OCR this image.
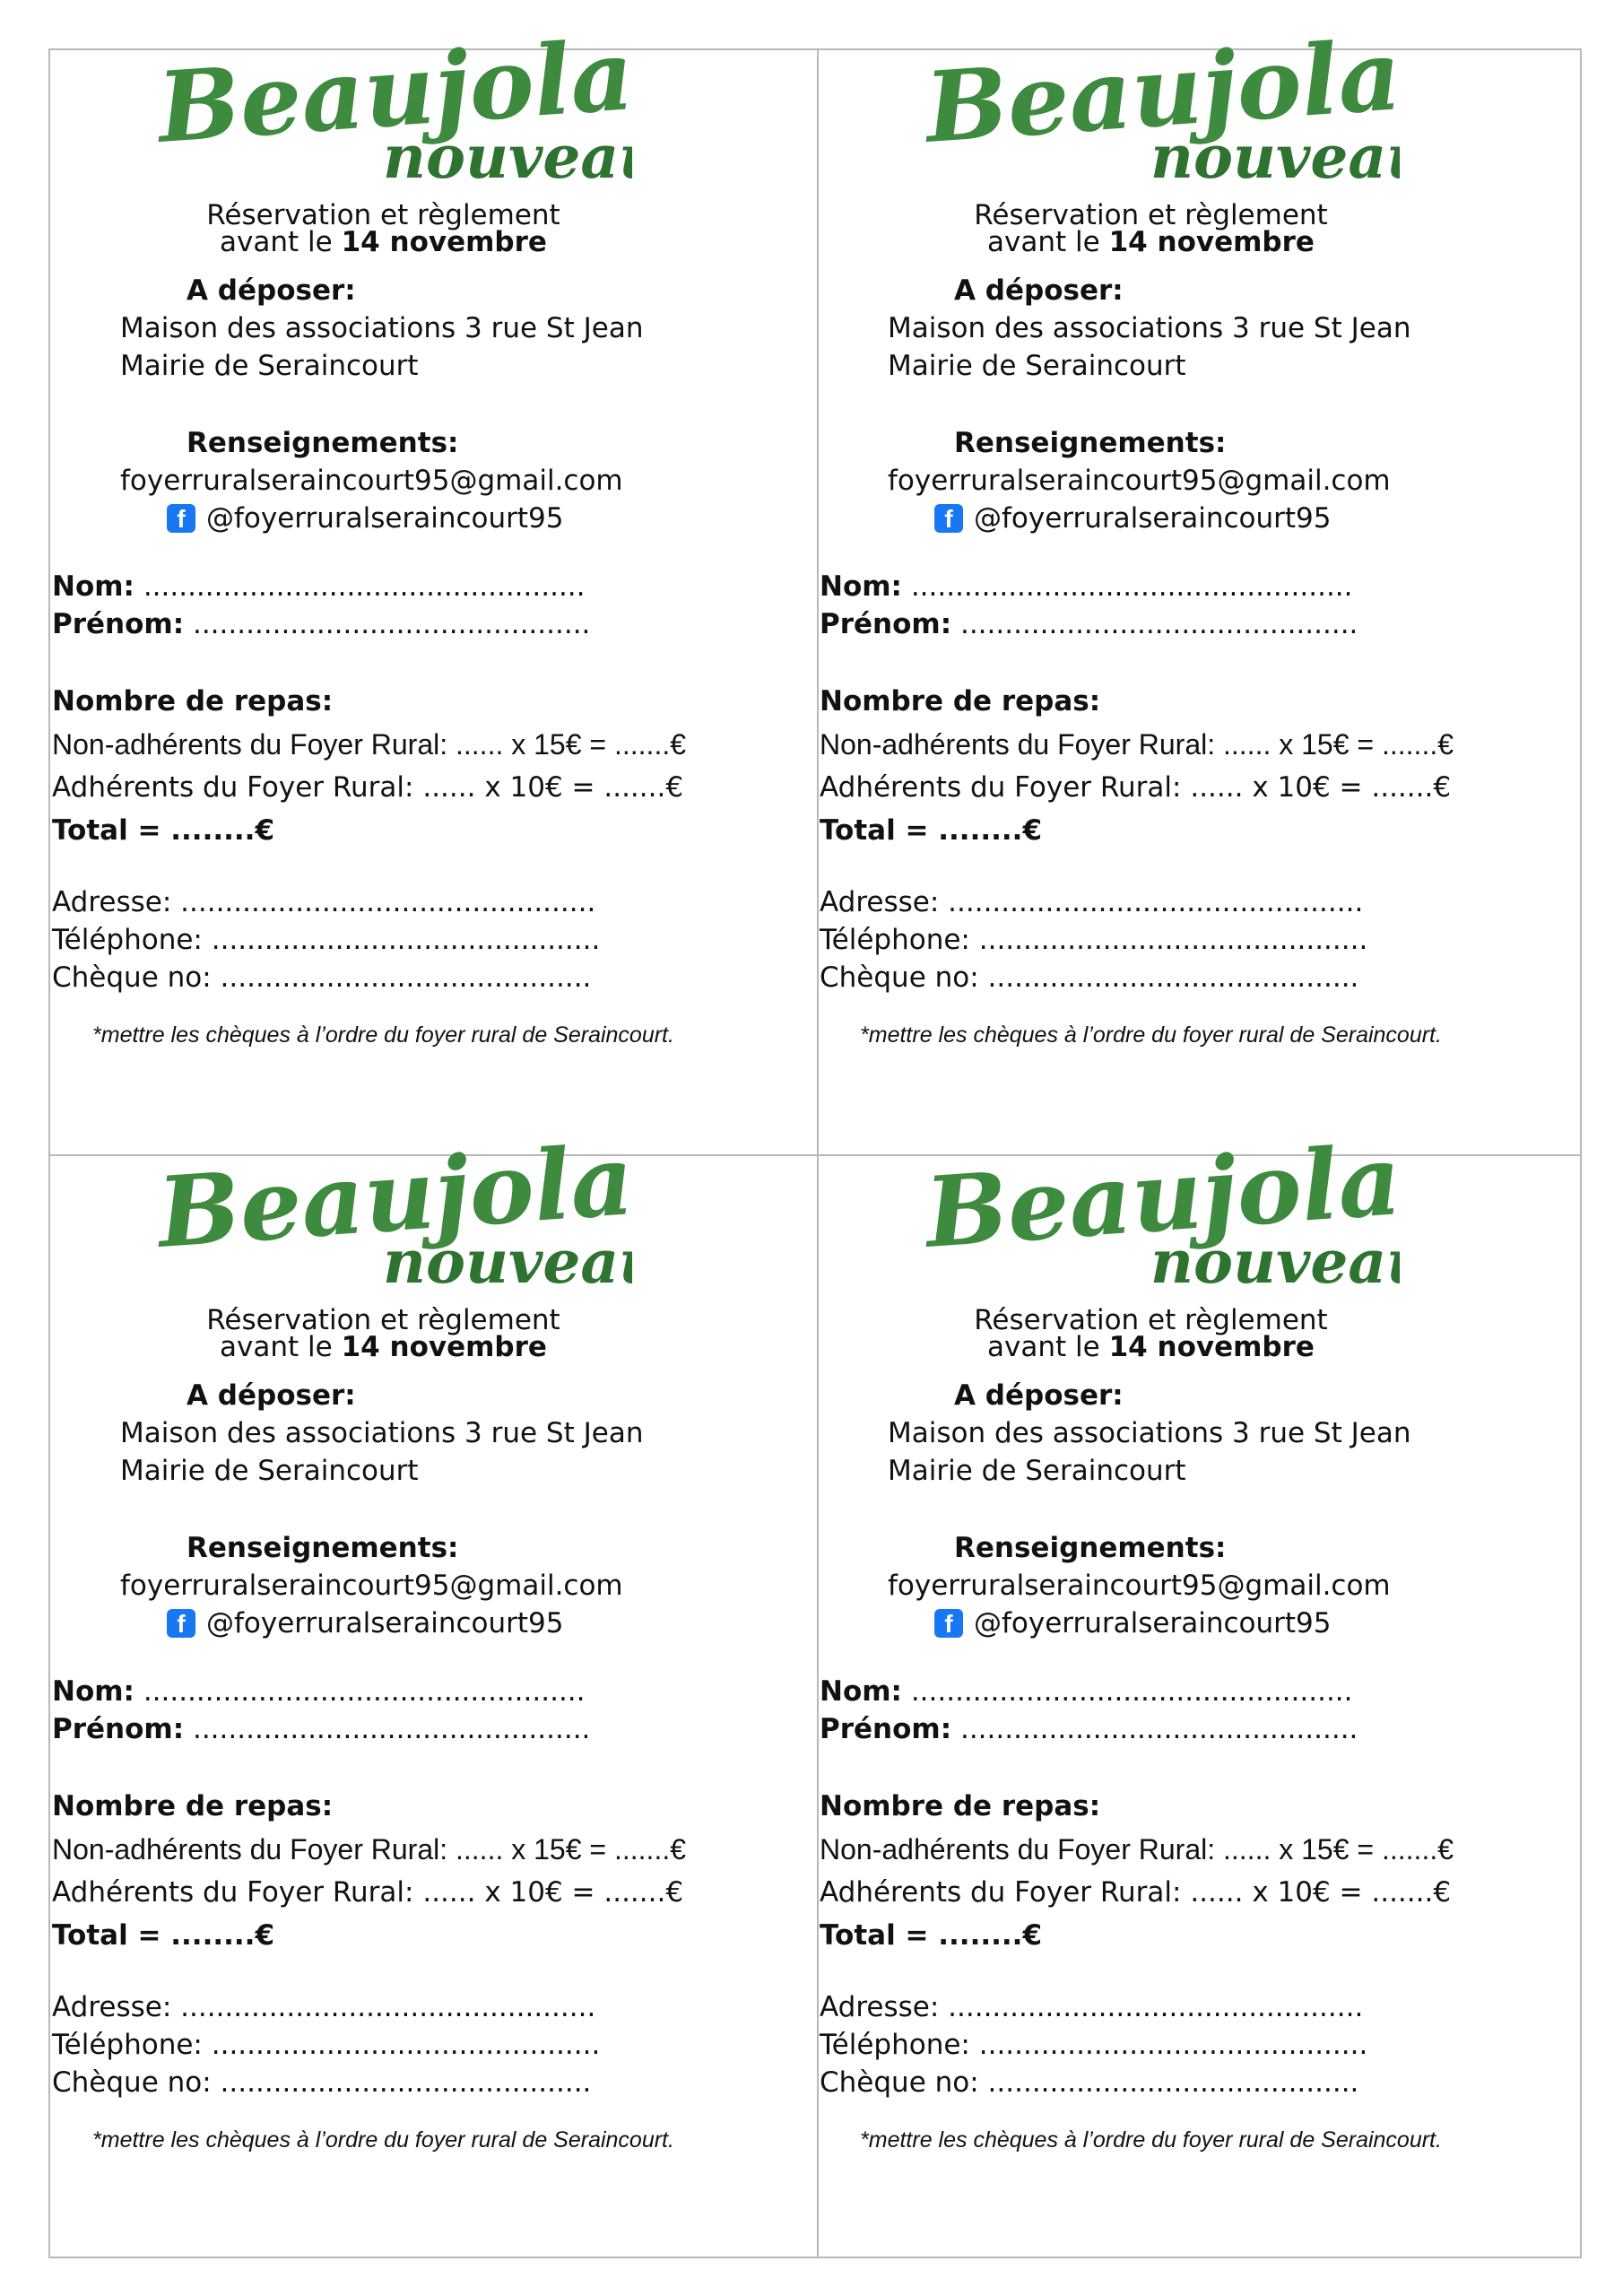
Beaujolais
nouvea
Réservation et règlement
avant le 14 novembre
A déposer:
Maison des associations 3 rue St Jean
Mairie de Seraincourt
Renseignements:
foyerruralseraincourt95@gmail.com
f @foyerruralseraincourt95
Nom: ..................................................
Prénom: .............................................
Nombre de repas:
Non-adhérents du Foyer Rural: ...... x 15€ = .......€
Adhérents du Foyer Rural: ...... x 10€ = .......€
Total = ........€
Adresse: ...............................................
Téléphone: ............................................
Chèque no: ..........................................
*mettre les chèques à l’ordre du foyer rural de Seraincourt.
Beaujolais
nouvea
Réservation et règlement
avant le 14 novembre
A déposer:
Maison des associations 3 rue St Jean
Mairie de Seraincourt
Renseignements:
foyerruralseraincourt95@gmail.com
f @foyerruralseraincourt95
Nom: ..................................................
Prénom: .............................................
Nombre de repas:
Non-adhérents du Foyer Rural: ...... x 15€ = .......€
Adhérents du Foyer Rural: ...... x 10€ = .......€
Total = ........€
Adresse: ...............................................
Téléphone: ............................................
Chèque no: ..........................................
*mettre les chèques à l’ordre du foyer rural de Seraincourt.
Beaujolais
nouvea
Réservation et règlement
avant le 14 novembre
A déposer:
Maison des associations 3 rue St Jean
Mairie de Seraincourt
Renseignements:
foyerruralseraincourt95@gmail.com
f @foyerruralseraincourt95
Nom: ..................................................
Prénom: .............................................
Nombre de repas:
Non-adhérents du Foyer Rural: ...... x 15€ = .......€
Adhérents du Foyer Rural: ...... x 10€ = .......€
Total = ........€
Adresse: ...............................................
Téléphone: ............................................
Chèque no: ..........................................
*mettre les chèques à l’ordre du foyer rural de Seraincourt.
Beaujolais
nouvea
Réservation et règlement
avant le 14 novembre
A déposer:
Maison des associations 3 rue St Jean
Mairie de Seraincourt
Renseignements:
foyerruralseraincourt95@gmail.com
f @foyerruralseraincourt95
Nom: ..................................................
Prénom: .............................................
Nombre de repas:
Non-adhérents du Foyer Rural: ...... x 15€ = .......€
Adhérents du Foyer Rural: ...... x 10€ = .......€
Total = ........€
Adresse: ...............................................
Téléphone: ............................................
Chèque no: ..........................................
*mettre les chèques à l’ordre du foyer rural de Seraincourt.
